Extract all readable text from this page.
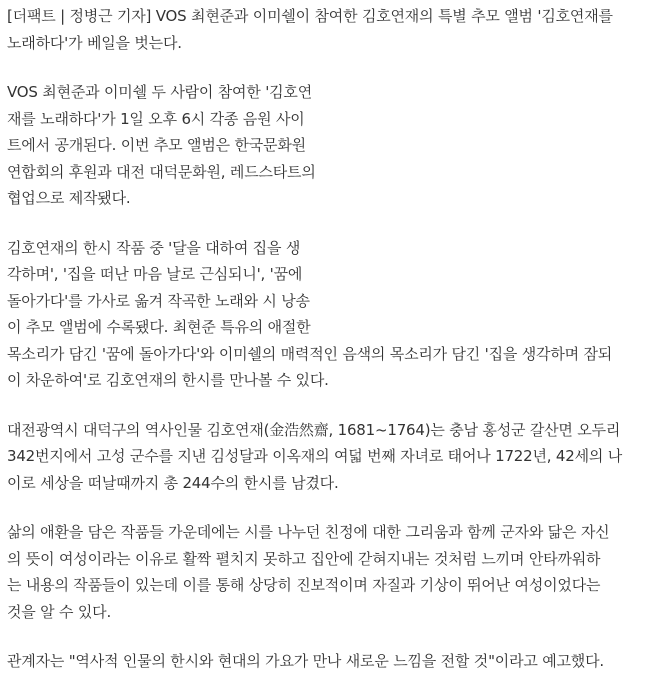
[더팩트 | 정병근 기자] VOS 최현준과 이미쉘이 참여한 김호연재의 특별 추모 앨범 '김호연재를
노래하다'가 베일을 벗는다.

VOS 최현준과 이미쉘 두 사람이 참여한 '김호연
재를 노래하다'가 1일 오후 6시 각종 음원 사이
트에서 공개된다. 이번 추모 앨범은 한국문화원
연합회의 후원과 대전 대덕문화원, 레드스타트의
협업으로 제작됐다.

김호연재의 한시 작품 중 '달을 대하여 집을 생
각하며', '집을 떠난 마음 날로 근심되니', '꿈에
돌아가다'를 가사로 옮겨 작곡한 노래와 시 낭송
이 추모 앨범에 수록됐다. 최현준 특유의 애절한
목소리가 담긴 '꿈에 돌아가다'와 이미쉘의 매력적인 음색의 목소리가 담긴 '집을 생각하며 잠되
이 차운하여'로 김호연재의 한시를 만나볼 수 있다.

대전광역시 대덕구의 역사인물 김호연재(金浩然齋, 1681~1764)는 충남 홍성군 갈산면 오두리
342번지에서 고성 군수를 지낸 김성달과 이옥재의 여덟 번째 자녀로 태어나 1722년, 42세의 나
이로 세상을 떠날때까지 총 244수의 한시를 남겼다.

삶의 애환을 담은 작품들 가운데에는 시를 나누던 친정에 대한 그리움과 함께 군자와 닮은 자신
의 뜻이 여성이라는 이유로 활짝 펼치지 못하고 집안에 갇혀지내는 것처럼 느끼며 안타까워하
는 내용의 작품들이 있는데 이를 통해 상당히 진보적이며 자질과 기상이 뛰어난 여성이었다는
것을 알 수 있다.

관계자는 "역사적 인물의 한시와 현대의 가요가 만나 새로운 느낌을 전할 것"이라고 예고했다.
